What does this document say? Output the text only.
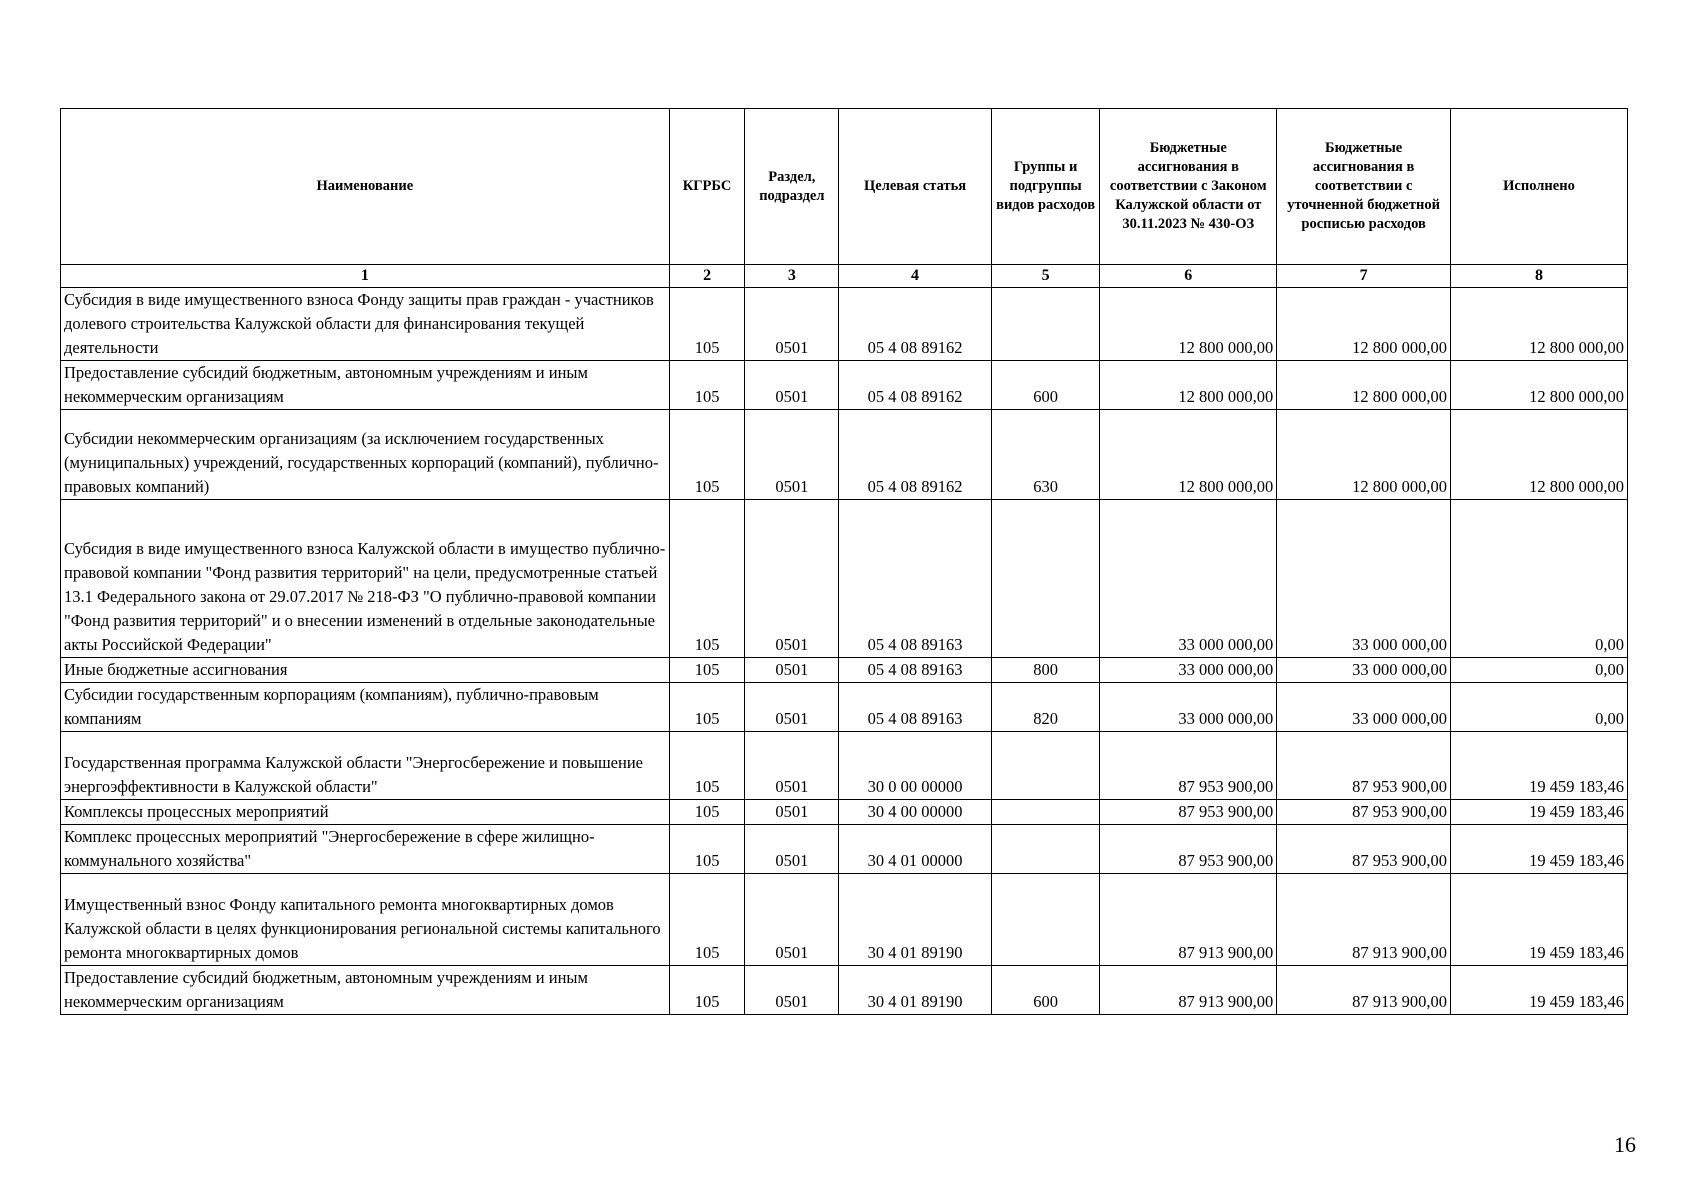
Наименование	КГРБС	Раздел, подраздел	Целевая статья	Группы и подгруппы видов расходов	Бюджетные ассигнования в соответствии с Законом Калужской области от 30.11.2023 № 430-ОЗ	Бюджетные ассигнования в соответствии с уточненной бюджетной росписью расходов	Исполнено
1	2	3	4	5	6	7	8
Субсидия в виде имущественного взноса Фонду защиты прав граждан - участников долевого строительства Калужской области для финансирования текущей деятельности	105	0501	05 4 08 89162		12 800 000,00	12 800 000,00	12 800 000,00
Предоставление субсидий бюджетным, автономным учреждениям и иным некоммерческим организациям	105	0501	05 4 08 89162	600	12 800 000,00	12 800 000,00	12 800 000,00
Субсидии некоммерческим организациям (за исключением государственных (муниципальных) учреждений, государственных корпораций (компаний), публично-правовых компаний)	105	0501	05 4 08 89162	630	12 800 000,00	12 800 000,00	12 800 000,00
Субсидия в виде имущественного взноса Калужской области в имущество публично-правовой компании "Фонд развития территорий" на цели, предусмотренные статьей 13.1 Федерального закона от 29.07.2017 № 218-ФЗ "О публично-правовой компании "Фонд развития территорий" и о внесении изменений в отдельные законодательные акты Российской Федерации"	105	0501	05 4 08 89163		33 000 000,00	33 000 000,00	0,00
Иные бюджетные ассигнования	105	0501	05 4 08 89163	800	33 000 000,00	33 000 000,00	0,00
Субсидии государственным корпорациям (компаниям), публично-правовым компаниям	105	0501	05 4 08 89163	820	33 000 000,00	33 000 000,00	0,00
Государственная программа Калужской области "Энергосбережение и повышение энергоэффективности в Калужской области"	105	0501	30 0 00 00000		87 953 900,00	87 953 900,00	19 459 183,46
Комплексы процессных мероприятий	105	0501	30 4 00 00000		87 953 900,00	87 953 900,00	19 459 183,46
Комплекс процессных мероприятий "Энергосбережение в сфере жилищно-коммунального хозяйства"	105	0501	30 4 01 00000		87 953 900,00	87 953 900,00	19 459 183,46
Имущественный взнос Фонду капитального ремонта многоквартирных домов Калужской области в целях функционирования региональной системы капитального ремонта многоквартирных домов	105	0501	30 4 01 89190		87 913 900,00	87 913 900,00	19 459 183,46
Предоставление субсидий бюджетным, автономным учреждениям и иным некоммерческим организациям	105	0501	30 4 01 89190	600	87 913 900,00	87 913 900,00	19 459 183,46
16
